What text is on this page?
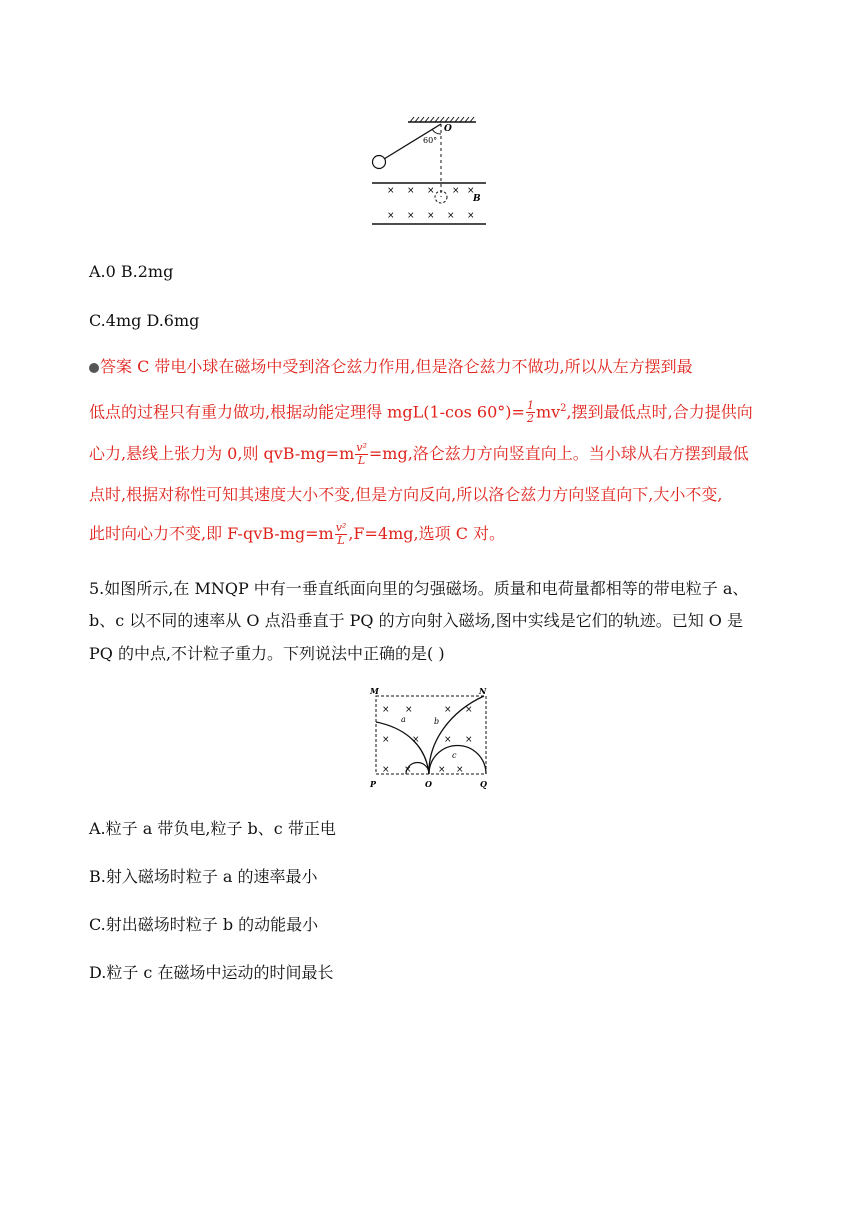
O
60°
B
× × × × ×
× × × × ×
A.0 B.2mg
C.4mg D.6mg
答案 C 带电小球在磁场中受到洛仑兹力作用,但是洛仑兹力不做功,所以从左方摆到最
低点的过程只有重力做功,根据动能定理得 mgL(1-cos $60^\circ)= \frac{1}{2} mv^2$,摆到最低点时,合力提供向
心力,悬线上张力为 0,则 $qvB-mg=m \frac{\text{v²}}{L} =mg$,洛仑兹力方向竖直向上。当小球从右方摆到最低
点时,根据对称性可知其速度大小不变,但是方向反向,所以洛仑兹力方向竖直向下,大小不变,
此时向心力不变,即 $F-qvB-mg=m \frac{\text{v²}}{L} ,F=4mg$,选项 C 对。
5.如图所示,在 MNQP 中有一垂直纸面向里的匀强磁场。质量和电荷量都相等的带电粒子 a、
b、c 以不同的速率从 O 点沿垂直于 PQ 的方向射入磁场,图中实线是它们的轨迹。已知 O 是
PQ 的中点,不计粒子重力。下列说法中正确的是( )
M	N
P	O	Q
a	b
c
× ×	× ×
× ×	× ×
× ×	× ×
A.粒子 a 带负电,粒子 b、c 带正电
B.射入磁场时粒子 a 的速率最小
C.射出磁场时粒子 b 的动能最小
D.粒子 c 在磁场中运动的时间最长
